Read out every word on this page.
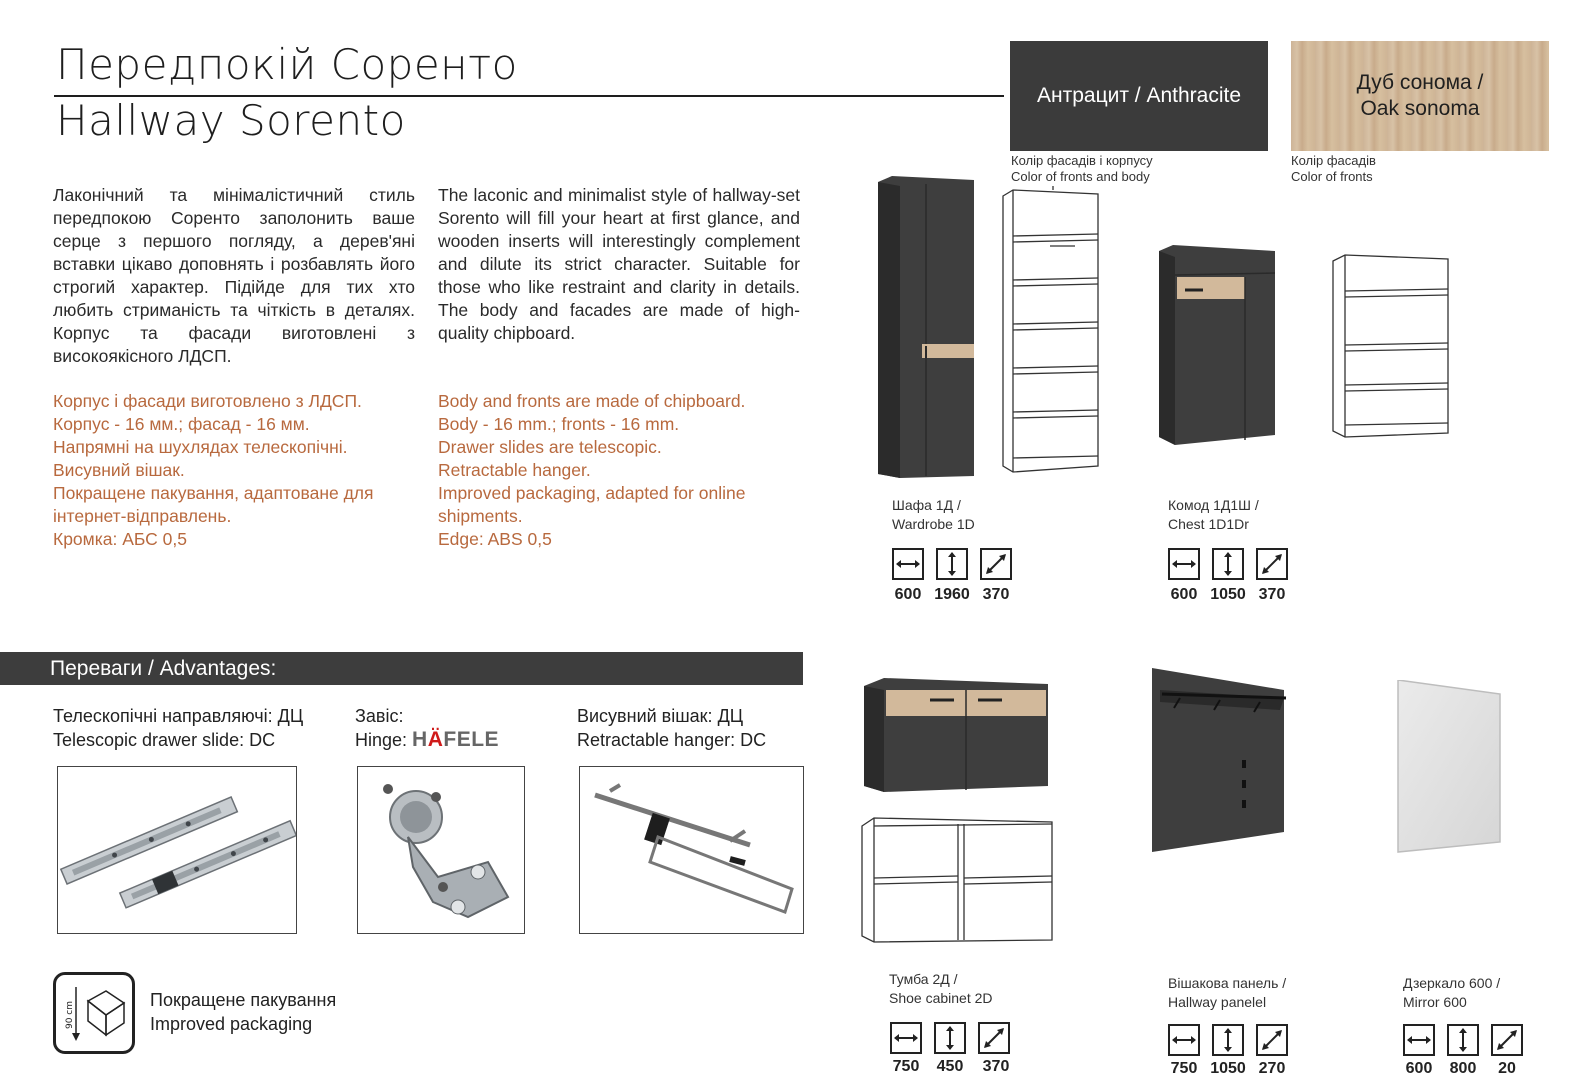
Передпокій Соренто
Hallway Sorento
Антрацит / Anthracite
Колір фасадів і корпусу
Color of fronts and body
Дуб сонома /
Oak sonoma
Колір фасадів
Color of fronts

Лаконічний та мінімалістичний стиль передпокою Соренто заполонить ваше серце з першого погляду, а дерев'яні вставки цікаво доповнять і розбавлять його строгий характер. Підійде для тих хто любить стриманість та чіткість в деталях. Корпус та фасади виготовлені з високоякісного ЛДСП.

The laconic and minimalist style of hallway-set Sorento will fill your heart at first glance, and wooden inserts will interestingly complement and dilute its strict character. Suitable for those who like restraint and clarity in details. The body and facades are made of high-quality chipboard.

Корпус і фасади виготовлено з ЛДСП.
Корпус - 16 мм.; фасад - 16 мм.
Напрямні на шухлядах телескопічні.
Висувний вішак.
Покращене пакування, адаптоване для інтернет-відправлень.
Кромка: АБС 0,5
Body and fronts are made of chipboard.
Body - 16 mm.; fronts - 16 mm.
Drawer slides are telescopic.
Retractable hanger.
Improved packaging, adapted for online shipments.
Edge: ABS 0,5
Переваги / Advantages:
Телескопічні направляючі: ДЦ
Telescopic drawer slide: DC
Завіс:
Hinge: HÄFELE
Висувний вішак: ДЦ
Retractable hanger: DC
90 cm
Покращене пакування
Improved packaging
Шафа 1Д /
Wardrobe 1D
600 1960 370
Комод 1Д1Ш /
Chest 1D1Dr
600 1050 370
Тумба 2Д /
Shoe cabinet 2D
750	450	370
Вішакова панель /
Hallway panelel
750 1050 270
Дзеркало 600 /
Mirror 600
600	800	20
